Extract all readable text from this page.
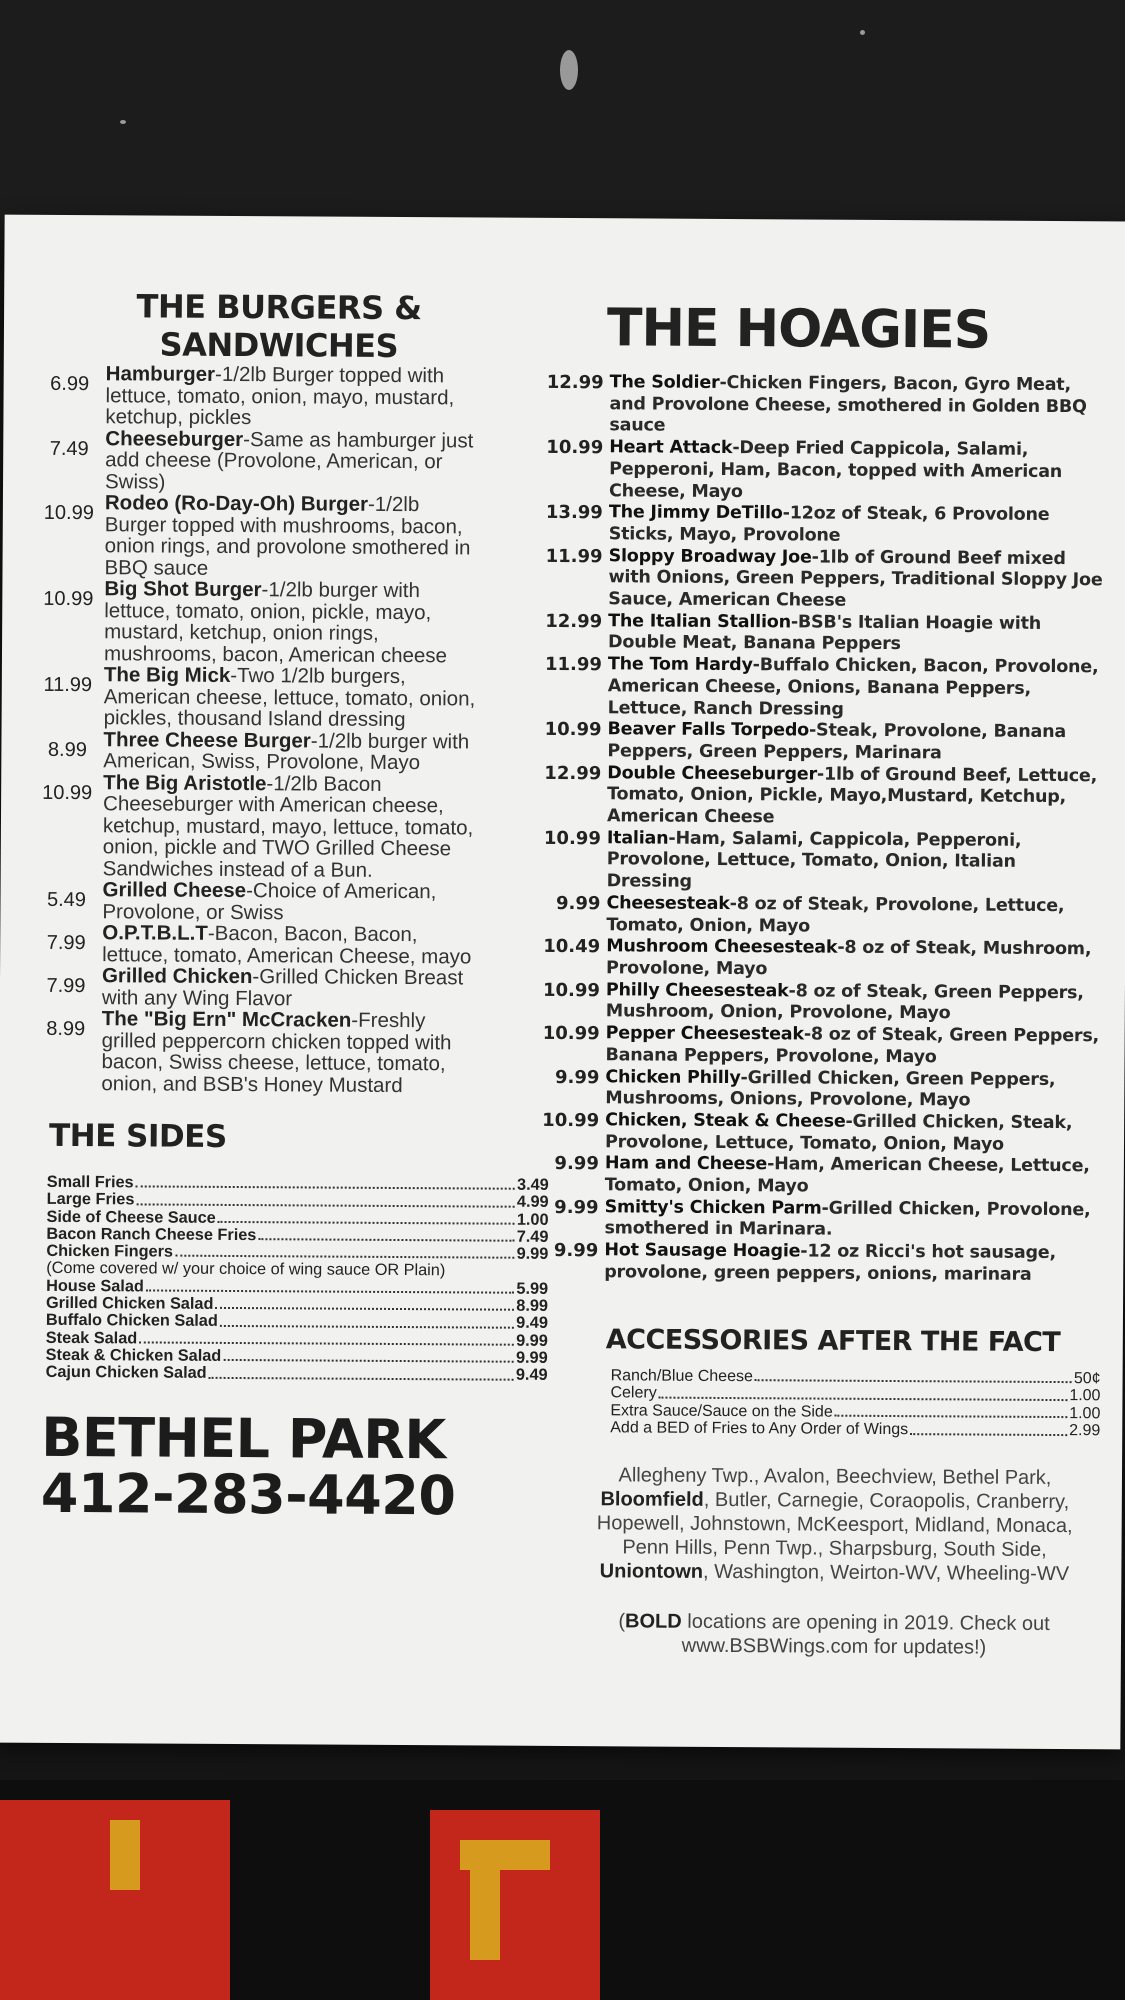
THE BURGERS & SANDWICHES
6.99 Hamburger-1/2lb Burger topped with lettuce, tomato, onion, mayo, mustard, ketchup, pickles
7.49 Cheeseburger-Same as hamburger just add cheese (Provolone, American, or Swiss)
10.99 Rodeo (Ro-Day-Oh) Burger-1/2lb Burger topped with mushrooms, bacon, onion rings, and provolone smothered in BBQ sauce
10.99 Big Shot Burger-1/2lb burger with lettuce, tomato, onion, pickle, mayo, mustard, ketchup, onion rings, mushrooms, bacon, American cheese
11.99 The Big Mick-Two 1/2lb burgers, American cheese, lettuce, tomato, onion, pickles, thousand Island dressing
8.99 Three Cheese Burger-1/2lb burger with American, Swiss, Provolone, Mayo
10.99 The Big Aristotle-1/2lb Bacon Cheeseburger with American cheese, ketchup, mustard, mayo, lettuce, tomato, onion, pickle and TWO Grilled Cheese Sandwiches instead of a Bun.
5.49 Grilled Cheese-Choice of American, Provolone, or Swiss
7.99 O.P.T.B.L.T-Bacon, Bacon, Bacon, lettuce, tomato, American Cheese, mayo
7.99 Grilled Chicken-Grilled Chicken Breast with any Wing Flavor
8.99 The "Big Ern" McCracken-Freshly grilled peppercorn chicken topped with bacon, Swiss cheese, lettuce, tomato, onion, and BSB's Honey Mustard
THE SIDES
Small Fries	3.49
Large Fries	4.99
Side of Cheese Sauce	1.00
Bacon Ranch Cheese Fries	7.49
Chicken Fingers	9.99
(Come covered w/ your choice of wing sauce OR Plain)
House Salad	5.99
Grilled Chicken Salad	8.99
Buffalo Chicken Salad	9.49
Steak Salad	9.99
Steak & Chicken Salad	9.99
Cajun Chicken Salad	9.49
BETHEL PARK
412-283-4420
THE HOAGIES
12.99 The Soldier-Chicken Fingers, Bacon, Gyro Meat, and Provolone Cheese, smothered in Golden BBQ sauce
10.99 Heart Attack-Deep Fried Cappicola, Salami, Pepperoni, Ham, Bacon, topped with American Cheese, Mayo
13.99 The Jimmy DeTillo-12oz of Steak, 6 Provolone Sticks, Mayo, Provolone
11.99 Sloppy Broadway Joe-1lb of Ground Beef mixed with Onions, Green Peppers, Traditional Sloppy Joe Sauce, American Cheese
12.99 The Italian Stallion-BSB's Italian Hoagie with Double Meat, Banana Peppers
11.99 The Tom Hardy-Buffalo Chicken, Bacon, Provolone, American Cheese, Onions, Banana Peppers, Lettuce, Ranch Dressing
10.99 Beaver Falls Torpedo-Steak, Provolone, Banana Peppers, Green Peppers, Marinara
12.99 Double Cheeseburger-1lb of Ground Beef, Lettuce, Tomato, Onion, Pickle, Mayo,Mustard, Ketchup, American Cheese
10.99 Italian-Ham, Salami, Cappicola, Pepperoni, Provolone, Lettuce, Tomato, Onion, Italian Dressing
9.99 Cheesesteak-8 oz of Steak, Provolone, Lettuce, Tomato, Onion, Mayo
10.49 Mushroom Cheesesteak-8 oz of Steak, Mushroom, Provolone, Mayo
10.99 Philly Cheesesteak-8 oz of Steak, Green Peppers, Mushroom, Onion, Provolone, Mayo
10.99 Pepper Cheesesteak-8 oz of Steak, Green Peppers, Banana Peppers, Provolone, Mayo
9.99 Chicken Philly-Grilled Chicken, Green Peppers, Mushrooms, Onions, Provolone, Mayo
10.99 Chicken, Steak & Cheese-Grilled Chicken, Steak, Provolone, Lettuce, Tomato, Onion, Mayo
9.99 Ham and Cheese-Ham, American Cheese, Lettuce, Tomato, Onion, Mayo
9.99 Smitty's Chicken Parm-Grilled Chicken, Provolone, smothered in Marinara.
9.99 Hot Sausage Hoagie-12 oz Ricci's hot sausage, provolone, green peppers, onions, marinara
ACCESSORIES AFTER THE FACT
Ranch/Blue Cheese	50¢
Celery	1.00
Extra Sauce/Sauce on the Side	1.00
Add a BED of Fries to Any Order of Wings	2.99
Allegheny Twp., Avalon, Beechview, Bethel Park, Bloomfield, Butler, Carnegie, Coraopolis, Cranberry, Hopewell, Johnstown, McKeesport, Midland, Monaca, Penn Hills, Penn Twp., Sharpsburg, South Side, Uniontown, Washington, Weirton-WV, Wheeling-WV
(BOLD locations are opening in 2019. Check out www.BSBWings.com for updates!)
